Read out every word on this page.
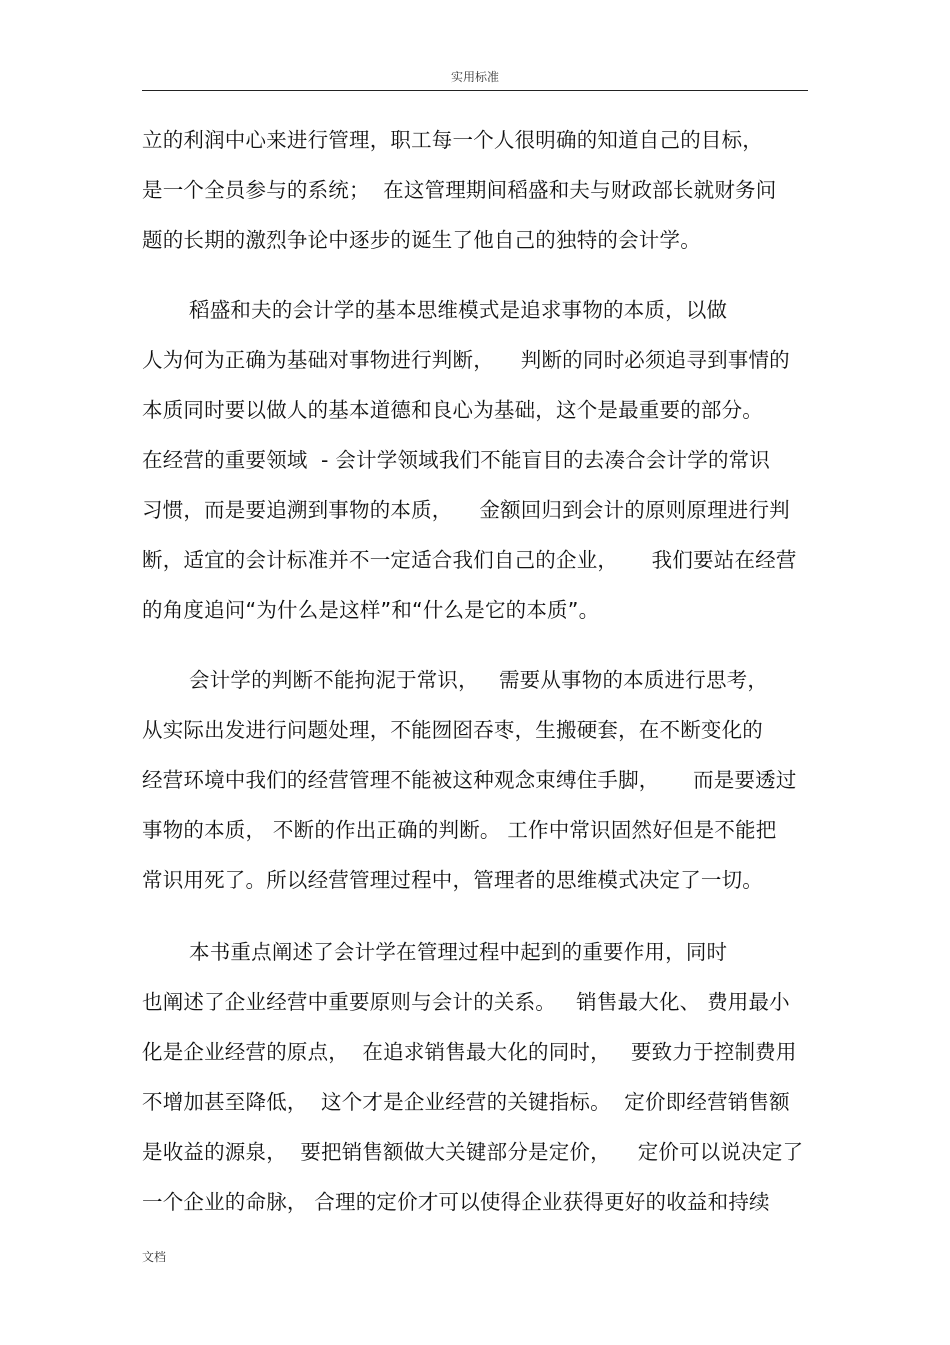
实用标准
立的利润中心来进行管理，职工每一个人很明确的知道自己的目标，
是一个全员参与的系统；  在这管理期间稻盛和夫与财政部长就财务问
题的长期的激烈争论中逐步的诞生了他自己的独特的会计学。
稻盛和夫的会计学的基本思维模式是追求事物的本质，以做
人为何为正确为基础对事物进行判断，    判断的同时必须追寻到事情的
本质同时要以做人的基本道德和良心为基础，这个是最重要的部分。
在经营的重要领域  - 会计学领域我们不能盲目的去凑合会计学的常识
习惯，而是要追溯到事物的本质，    金额回归到会计的原则原理进行判
断，适宜的会计标准并不一定适合我们自己的企业，     我们要站在经营
的角度追问“为什么是这样”和“什么是它的本质”。
会计学的判断不能拘泥于常识，   需要从事物的本质进行思考，
从实际出发进行问题处理，不能囫囵吞枣，生搬硬套，在不断变化的
经营环境中我们的经营管理不能被这种观念束缚住手脚，     而是要透过
事物的本质， 不断的作出正确的判断。 工作中常识固然好但是不能把
常识用死了。所以经营管理过程中，管理者的思维模式决定了一切。
本书重点阐述了会计学在管理过程中起到的重要作用，同时
也阐述了企业经营中重要原则与会计的关系。   销售最大化、 费用最小
化是企业经营的原点，  在追求销售最大化的同时，   要致力于控制费用
不增加甚至降低，  这个才是企业经营的关键指标。  定价即经营销售额
是收益的源泉，  要把销售额做大关键部分是定价，    定价可以说决定了
一个企业的命脉， 合理的定价才可以使得企业获得更好的收益和持续
文档
